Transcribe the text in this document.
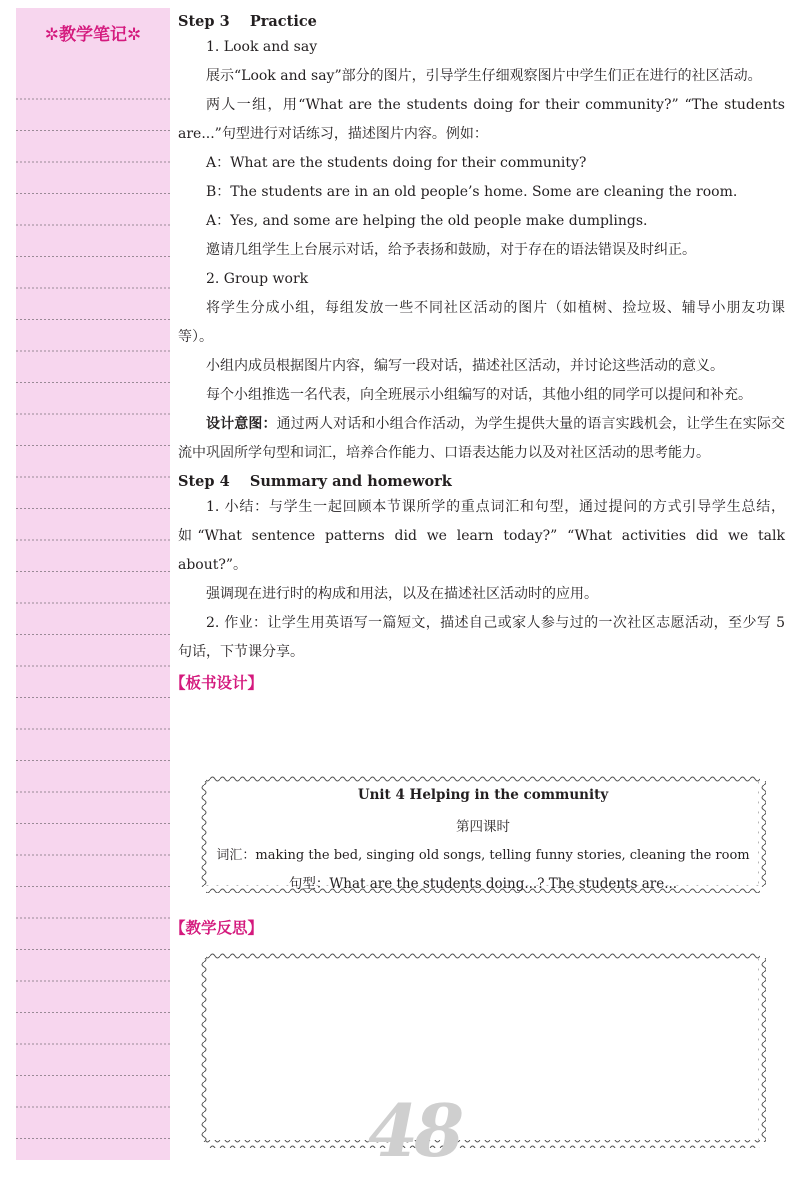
✲教学笔记✲

Step 3    Practice

1. Look and say

展示“Look and say”部分的图片，引导学生仔细观察图片中学生们正在进行的社区活动。

两人一组，用“What are the students doing for their community?” “The students are...”句型进行对话练习，描述图片内容。例如：

A：What are the students doing for their community?

B：The students are in an old people’s home. Some are cleaning the room.

A：Yes, and some are helping the old people make dumplings.

邀请几组学生上台展示对话，给予表扬和鼓励，对于存在的语法错误及时纠正。

2. Group work

将学生分成小组，每组发放一些不同社区活动的图片（如植树、捡垃圾、辅导小朋友功课等）。

小组内成员根据图片内容，编写一段对话，描述社区活动，并讨论这些活动的意义。

每个小组推选一名代表，向全班展示小组编写的对话，其他小组的同学可以提问和补充。

设计意图：通过两人对话和小组合作活动，为学生提供大量的语言实践机会，让学生在实际交流中巩固所学句型和词汇，培养合作能力、口语表达能力以及对社区活动的思考能力。

Step 4    Summary and homework

1. 小结：与学生一起回顾本节课所学的重点词汇和句型，通过提问的方式引导学生总结，如“What sentence patterns did we learn today?” “What activities did we talk about?”。

强调现在进行时的构成和用法，以及在描述社区活动时的应用。

2. 作业：让学生用英语写一篇短文，描述自己或家人参与过的一次社区志愿活动，至少写 5 句话，下节课分享。

【板书设计】

Unit 4 Helping in the community
第四课时
词汇：making the bed, singing old songs, telling funny stories, cleaning the room
句型：What are the students doing...? The students are...
【教学反思】
48
